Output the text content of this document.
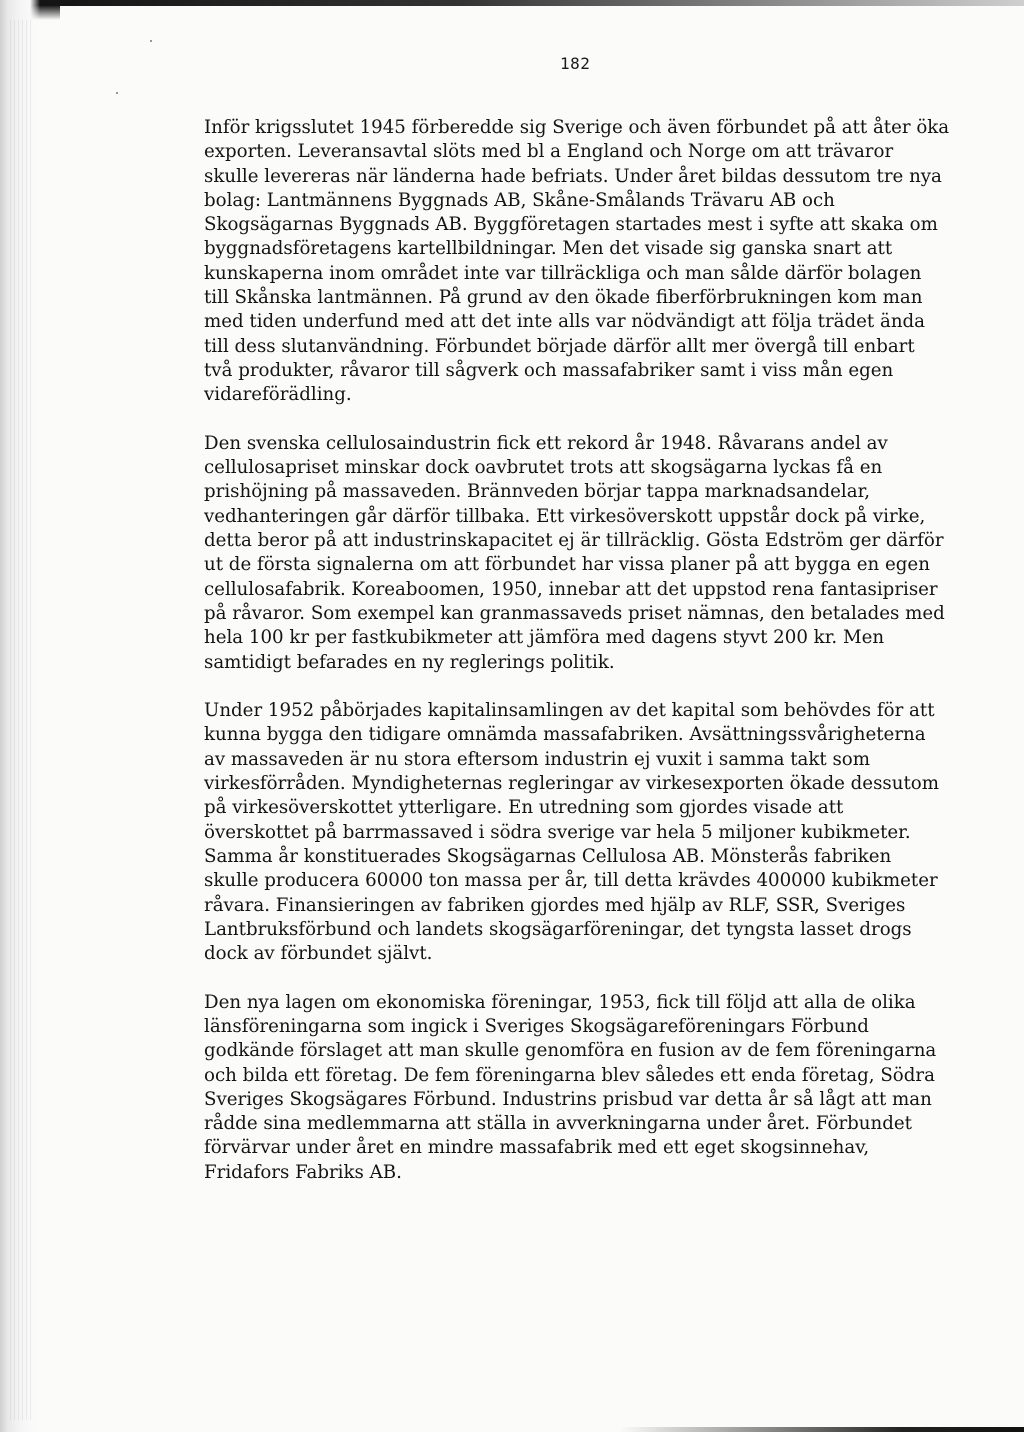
182
Inför krigsslutet 1945 förberedde sig Sverige och även förbundet på att åter öka
exporten. Leveransavtal slöts med bl a England och Norge om att trävaror
skulle levereras när länderna hade befriats. Under året bildas dessutom tre nya
bolag: Lantmännens Byggnads AB, Skåne-Smålands Trävaru AB och
Skogsägarnas Byggnads AB. Byggföretagen startades mest i syfte att skaka om
byggnadsföretagens kartellbildningar. Men det visade sig ganska snart att
kunskaperna inom området inte var tillräckliga och man sålde därför bolagen
till Skånska lantmännen. På grund av den ökade fiberförbrukningen kom man
med tiden underfund med att det inte alls var nödvändigt att följa trädet ända
till dess slutanvändning. Förbundet började därför allt mer övergå till enbart
två produkter, råvaror till sågverk och massafabriker samt i viss mån egen
vidareförädling.
Den svenska cellulosaindustrin fick ett rekord år 1948. Råvarans andel av
cellulosapriset minskar dock oavbrutet trots att skogsägarna lyckas få en
prishöjning på massaveden. Brännveden börjar tappa marknadsandelar,
vedhanteringen går därför tillbaka. Ett virkesöverskott uppstår dock på virke,
detta beror på att industrinskapacitet ej är tillräcklig. Gösta Edström ger därför
ut de första signalerna om att förbundet har vissa planer på att bygga en egen
cellulosafabrik. Koreaboomen, 1950, innebar att det uppstod rena fantasipriser
på råvaror. Som exempel kan granmassaveds priset nämnas, den betalades med
hela 100 kr per fastkubikmeter att jämföra med dagens styvt 200 kr. Men
samtidigt befarades en ny reglerings politik.
Under 1952 påbörjades kapitalinsamlingen av det kapital som behövdes för att
kunna bygga den tidigare omnämda massafabriken. Avsättningssvårigheterna
av massaveden är nu stora eftersom industrin ej vuxit i samma takt som
virkesförråden. Myndigheternas regleringar av virkesexporten ökade dessutom
på virkesöverskottet ytterligare. En utredning som gjordes visade att
överskottet på barrmassaved i södra sverige var hela 5 miljoner kubikmeter.
Samma år konstituerades Skogsägarnas Cellulosa AB. Mönsterås fabriken
skulle producera 60000 ton massa per år, till detta krävdes 400000 kubikmeter
råvara. Finansieringen av fabriken gjordes med hjälp av RLF, SSR, Sveriges
Lantbruksförbund och landets skogsägarföreningar, det tyngsta lasset drogs
dock av förbundet självt.
Den nya lagen om ekonomiska föreningar, 1953, fick till följd att alla de olika
länsföreningarna som ingick i Sveriges Skogsägareföreningars Förbund
godkände förslaget att man skulle genomföra en fusion av de fem föreningarna
och bilda ett företag. De fem föreningarna blev således ett enda företag, Södra
Sveriges Skogsägares Förbund. Industrins prisbud var detta år så lågt att man
rådde sina medlemmarna att ställa in avverkningarna under året. Förbundet
förvärvar under året en mindre massafabrik med ett eget skogsinnehav,
Fridafors Fabriks AB.
